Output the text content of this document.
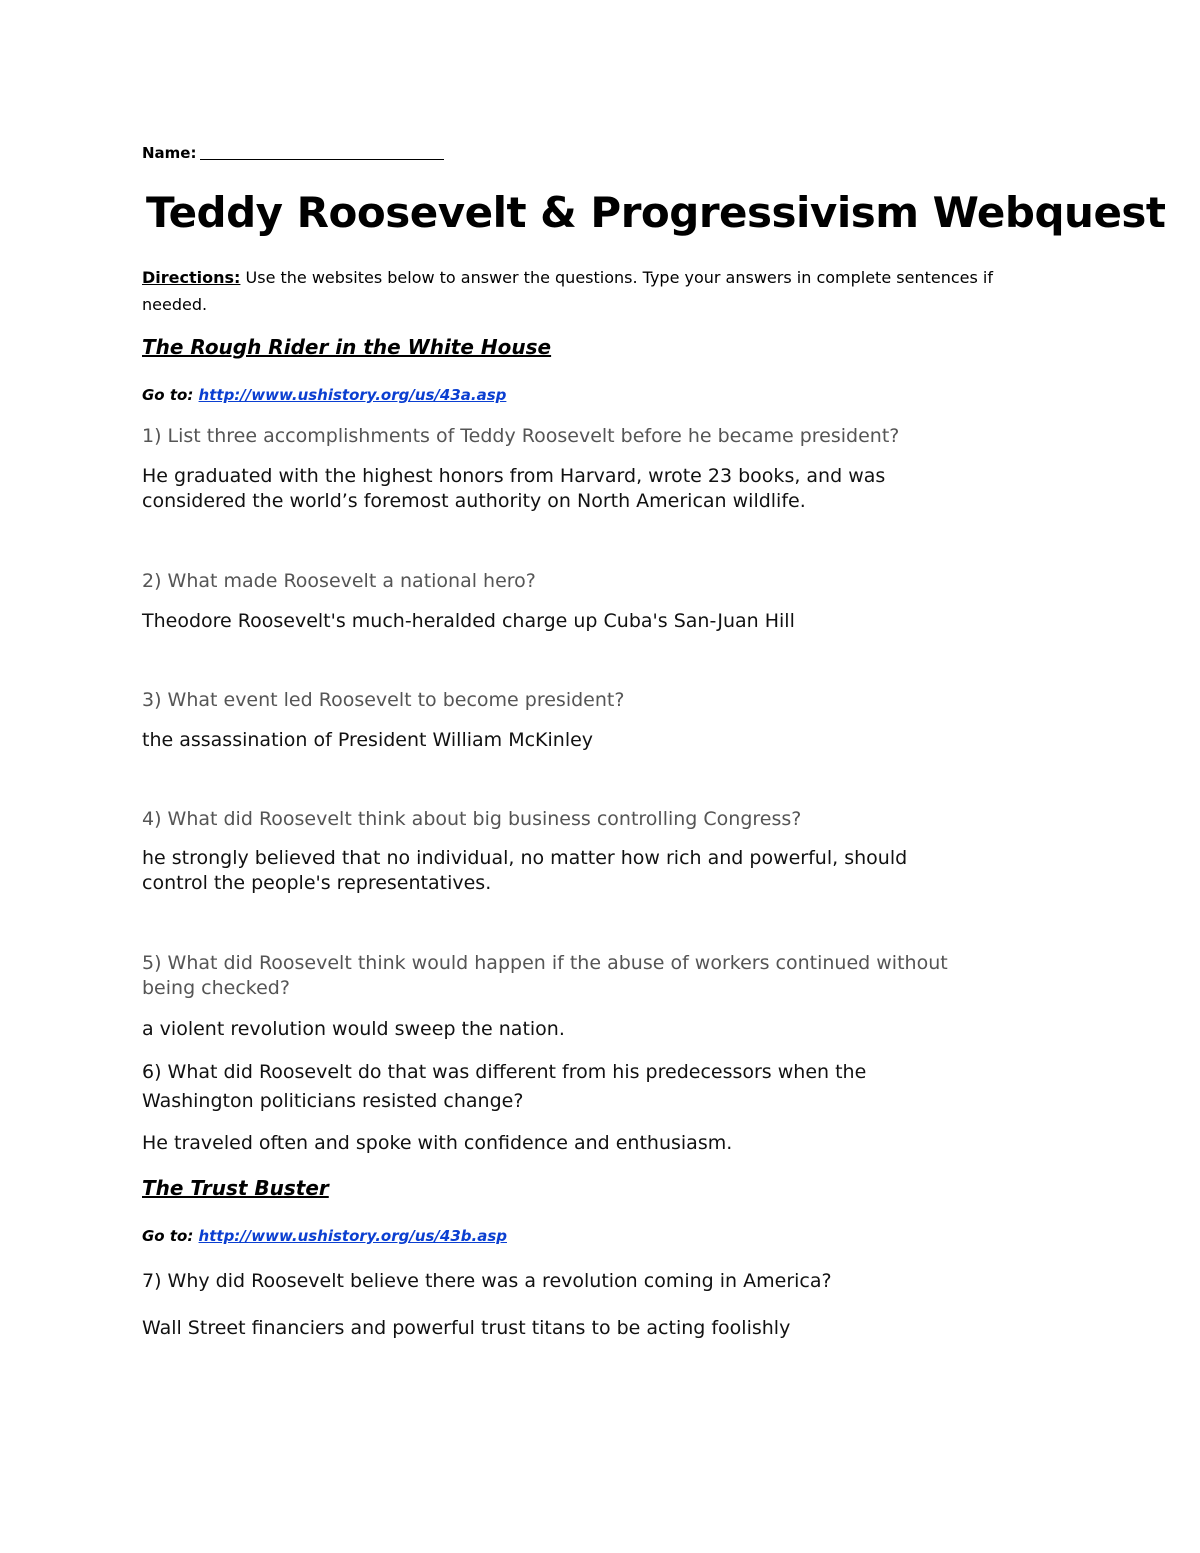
Name:
Teddy Roosevelt & Progressivism Webquest
Directions: Use the websites below to answer the questions. Type your answers in complete sentences if needed.
The Rough Rider in the White House
Go to: http://www.ushistory.org/us/43a.asp
1) List three accomplishments of Teddy Roosevelt before he became president?
He graduated with the highest honors from Harvard, wrote 23 books, and was
considered the world’s foremost authority on North American wildlife.
2) What made Roosevelt a national hero?
Theodore Roosevelt's much-heralded charge up Cuba's San-Juan Hill
3) What event led Roosevelt to become president?
the assassination of President William McKinley
4) What did Roosevelt think about big business controlling Congress?
he strongly believed that no individual, no matter how rich and powerful, should
control the people's representatives.
5) What did Roosevelt think would happen if the abuse of workers continued without
being checked?
a violent revolution would sweep the nation.
6) What did Roosevelt do that was different from his predecessors when the
Washington politicians resisted change?
He traveled often and spoke with confidence and enthusiasm.
The Trust Buster
Go to: http://www.ushistory.org/us/43b.asp
7) Why did Roosevelt believe there was a revolution coming in America?
Wall Street financiers and powerful trust titans to be acting foolishly
